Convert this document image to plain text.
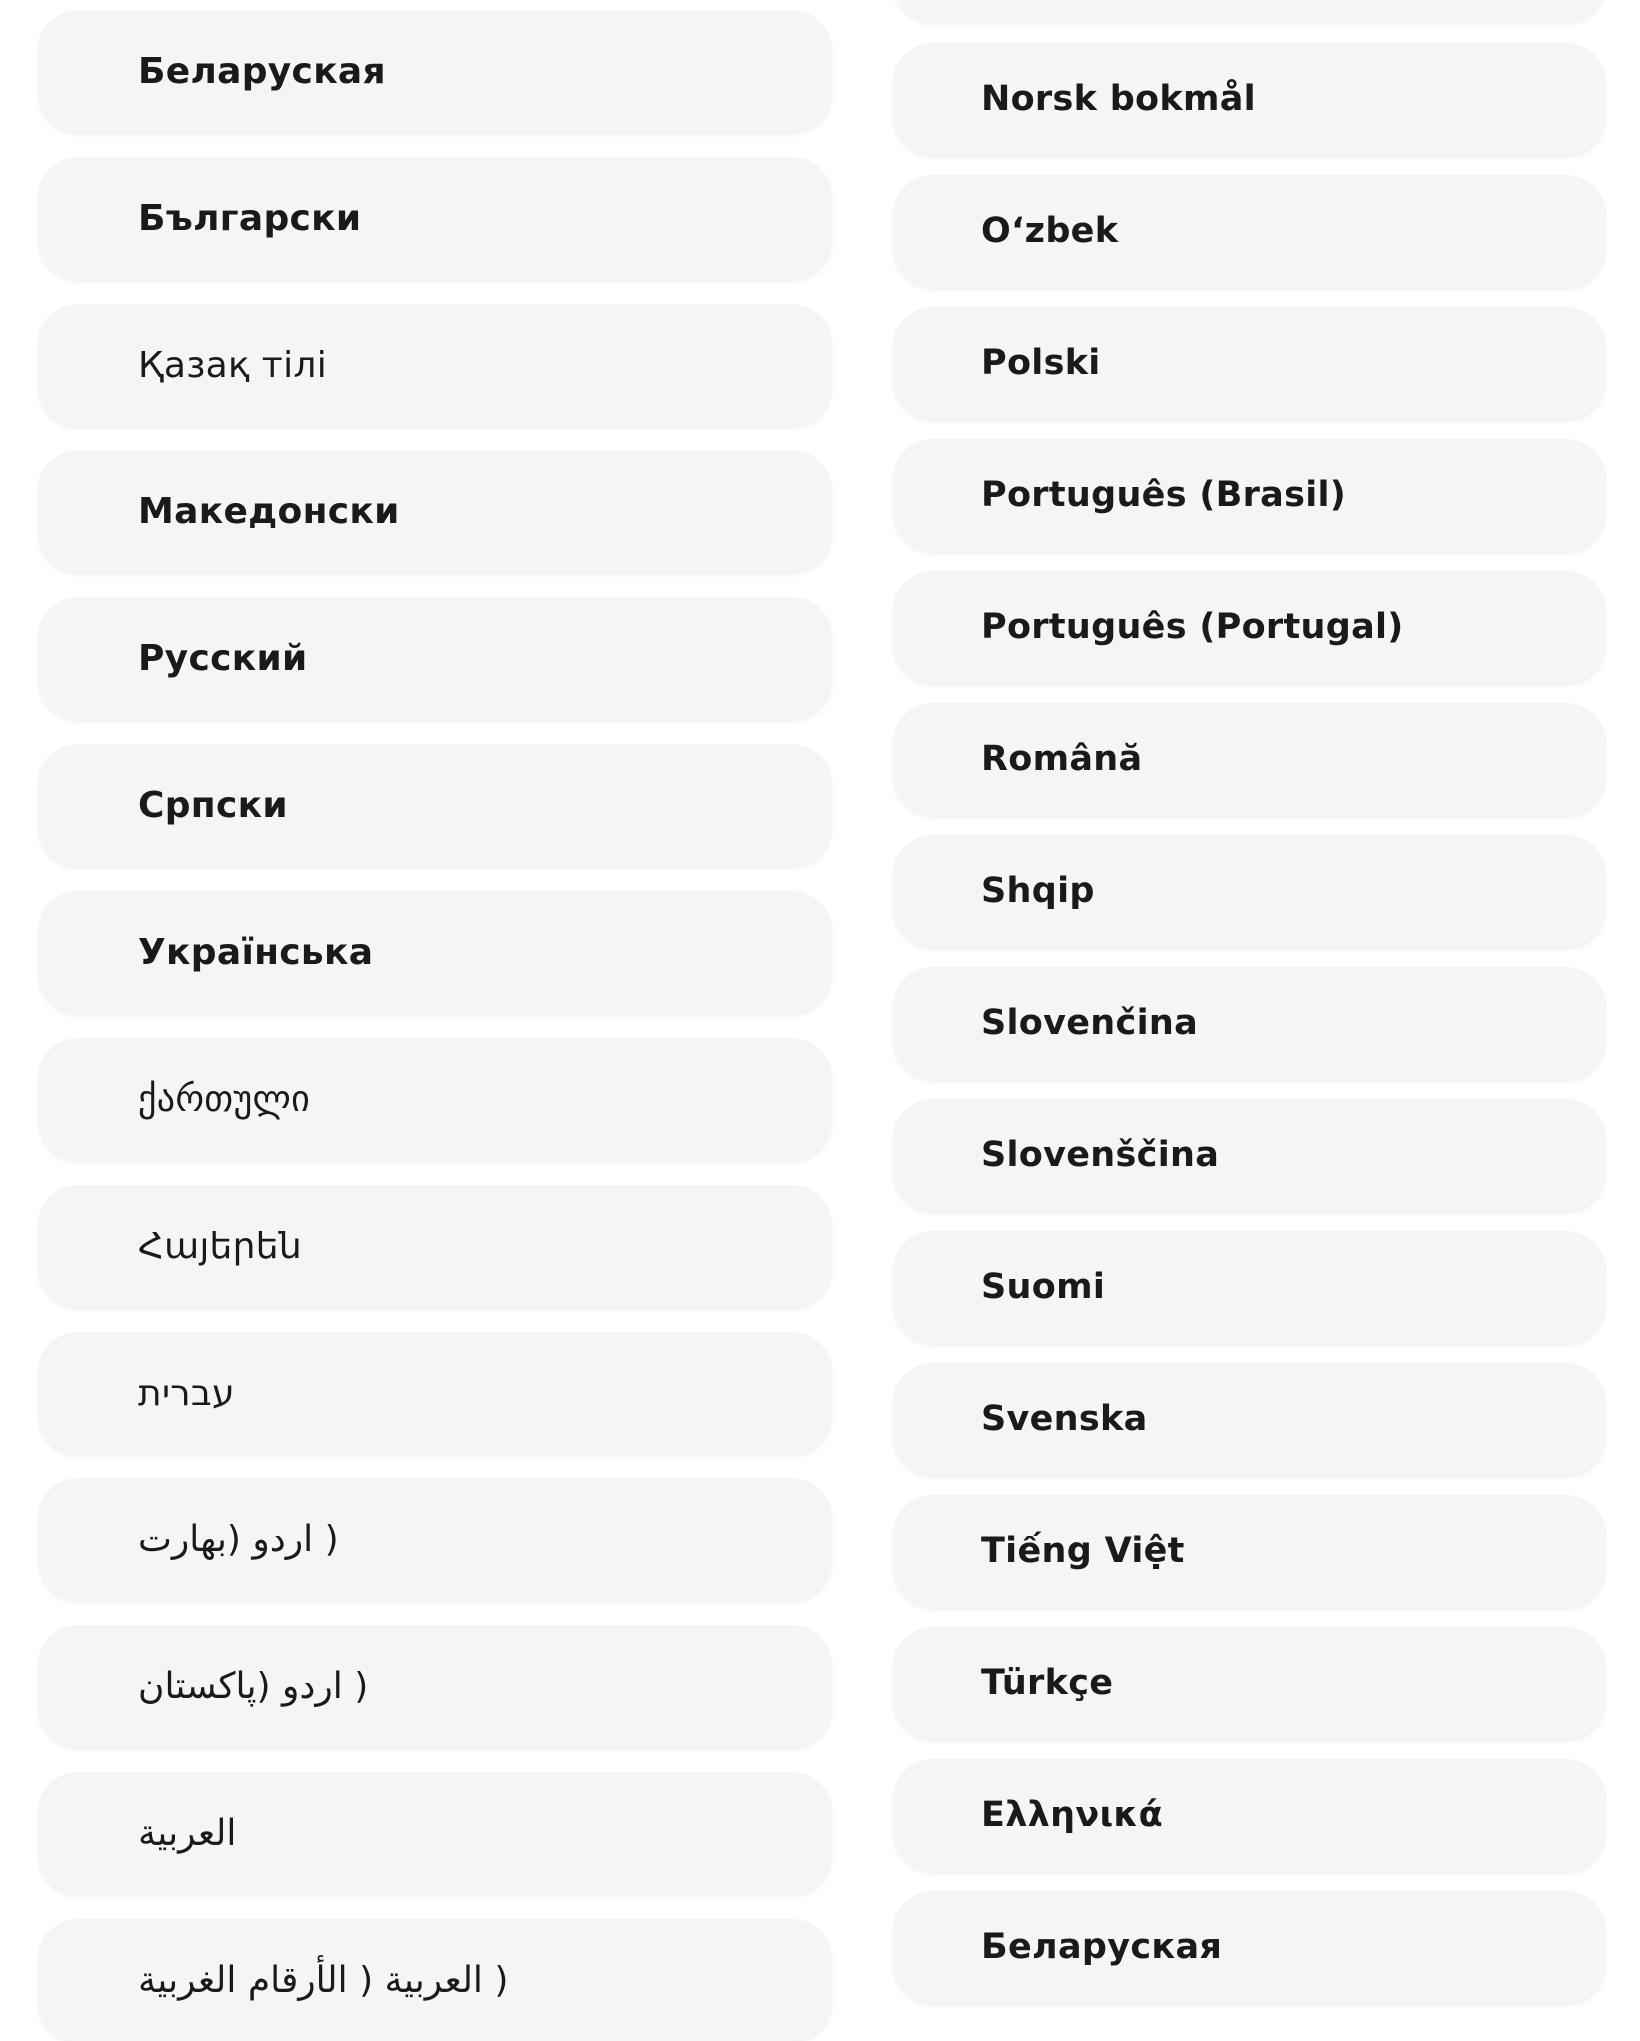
Беларуская
Български
Қазақ тілі
Македонски
Русский
Српски
Українська
ქართული
Հայերեն
עברית
( اردو (بھارت
( اردو (پاکستان
العربية
( العربية ( الأرقام الغربية
Norsk bokmål
Oʻzbek
Polski
Português (Brasil)
Português (Portugal)
Română
Shqip
Slovenčina
Slovenščina
Suomi
Svenska
Tiếng Việt
Türkçe
Ελληνικά
Беларуская
